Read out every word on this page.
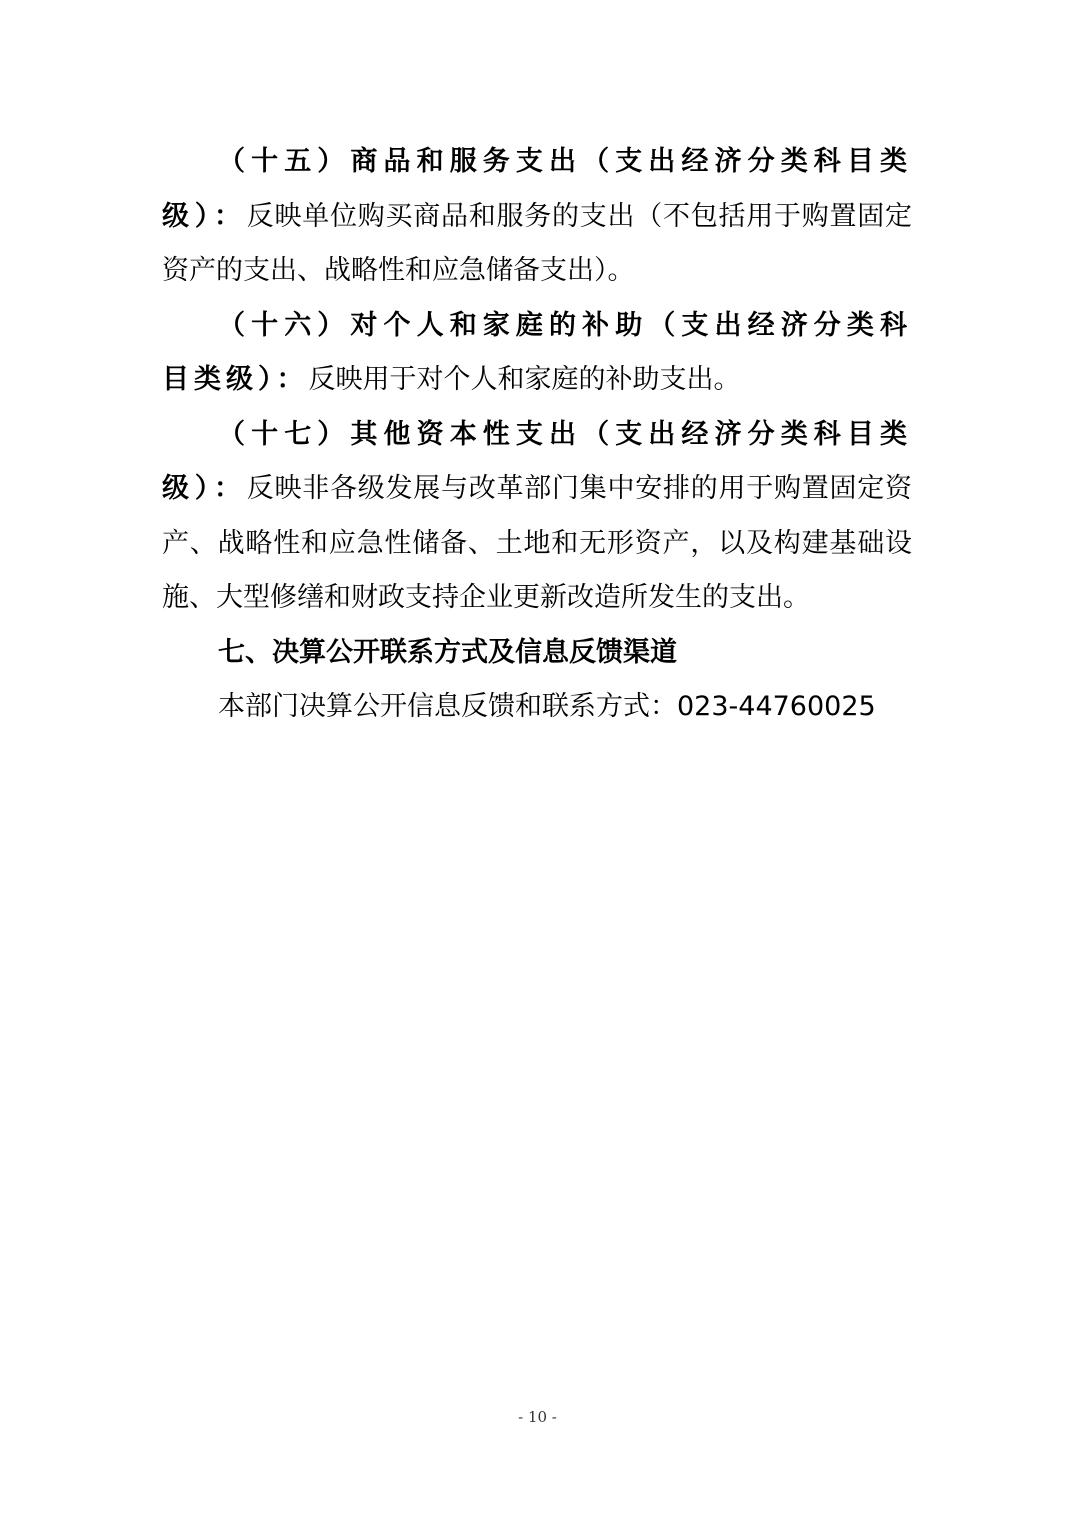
（十五）商品和服务支出（支出经济分类科目类级）：反映单位购买商品和服务的支出（不包括用于购置固定资产的支出、战略性和应急储备支出）。

（十六）对个人和家庭的补助（支出经济分类科目类级）：反映用于对个人和家庭的补助支出。

（十七）其他资本性支出（支出经济分类科目类级）：反映非各级发展与改革部门集中安排的用于购置固定资产、战略性和应急性储备、土地和无形资产，以及构建基础设施、大型修缮和财政支持企业更新改造所发生的支出。

七、决算公开联系方式及信息反馈渠道

本部门决算公开信息反馈和联系方式：023-44760025

- 10 -
